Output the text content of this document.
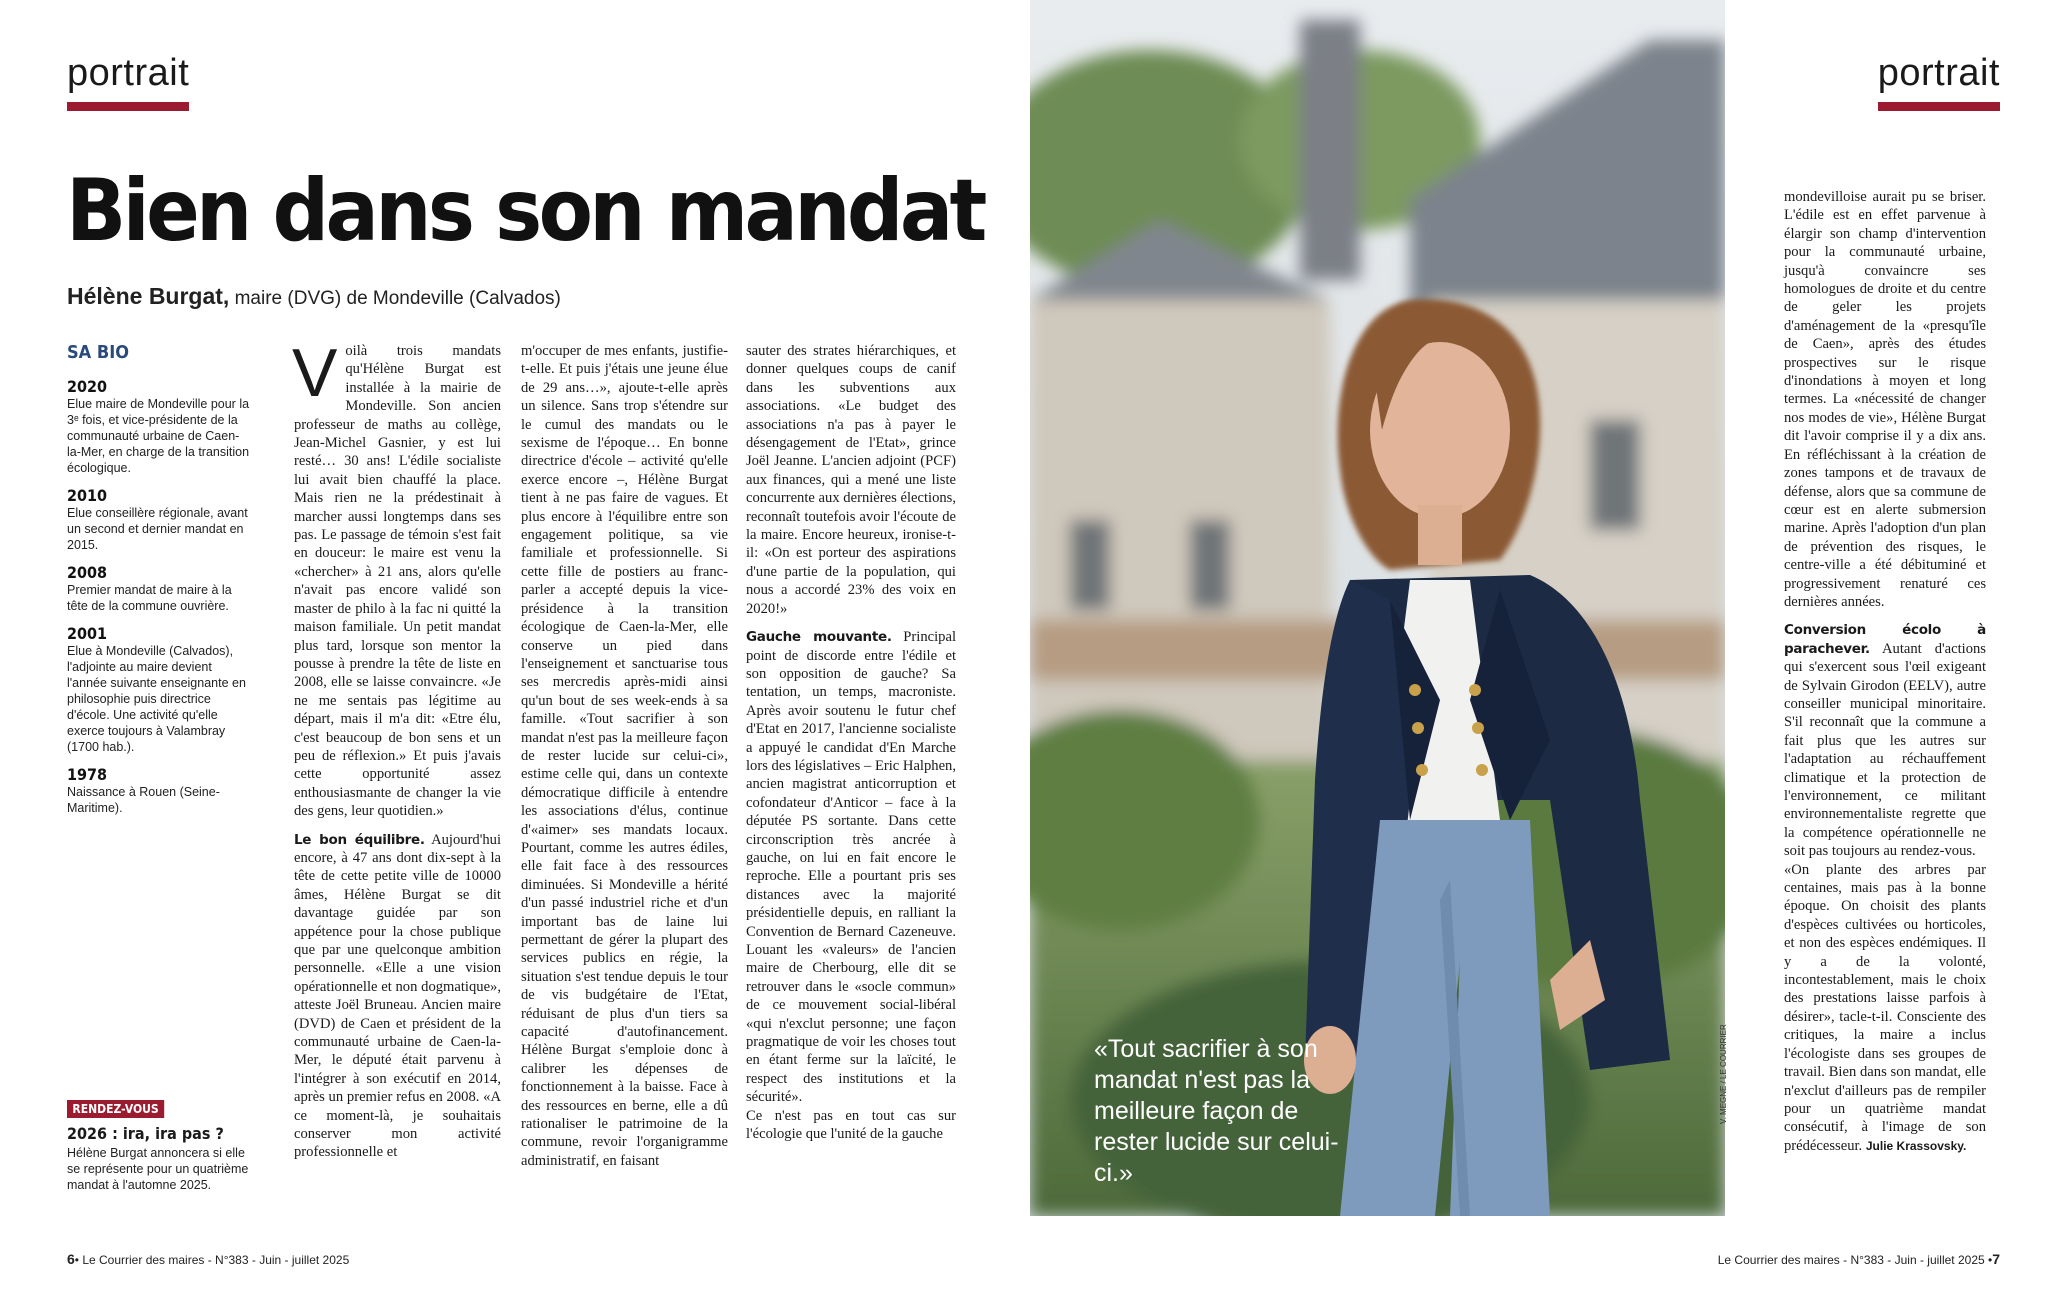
portrait
Bien dans son mandat

Hélène Burgat, maire (DVG) de Mondeville (Calvados)

SA BIO
2020
Elue maire de Mondeville pour la 3ᵉ fois, et vice-présidente de la communauté urbaine de Caen-la-Mer, en charge de la transition écologique.
2010
Elue conseillère régionale, avant un second et dernier mandat en 2015.
2008
Premier mandat de maire à la tête de la commune ouvrière.
2001
Elue à Mondeville (Calvados), l'adjointe au maire devient l'année suivante enseignante en philosophie puis directrice d'école. Une activité qu'elle exerce toujours à Valambray (1700 hab.).
1978
Naissance à Rouen (Seine-Maritime).
RENDEZ-VOUS
2026 : ira, ira pas ?
Hélène Burgat annoncera si elle se représente pour un quatrième mandat à l'automne 2025.

Voilà trois mandats qu'Hélène Burgat est installée à la mairie de Mondeville. Son ancien professeur de maths au collège, Jean-Michel Gasnier, y est lui resté… 30 ans! L'édile socialiste lui avait bien chauffé la place. Mais rien ne la prédestinait à marcher aussi longtemps dans ses pas. Le passage de témoin s'est fait en douceur: le maire est venu la «chercher» à 21 ans, alors qu'elle n'avait pas encore validé son master de philo à la fac ni quitté la maison familiale. Un petit mandat plus tard, lorsque son mentor la pousse à prendre la tête de liste en 2008, elle se laisse convaincre. «Je ne me sentais pas légitime au départ, mais il m'a dit: «Etre élu, c'est beaucoup de bon sens et un peu de réflexion.» Et puis j'avais cette opportunité assez enthousiasmante de changer la vie des gens, leur quotidien.»

Le bon équilibre. Aujourd'hui encore, à 47 ans dont dix-sept à la tête de cette petite ville de 10000 âmes, Hélène Burgat se dit davantage guidée par son appétence pour la chose publique que par une quelconque ambition personnelle. «Elle a une vision opérationnelle et non dogmatique», atteste Joël Bruneau. Ancien maire (DVD) de Caen et président de la communauté urbaine de Caen-la-Mer, le député était parvenu à l'intégrer à son exécutif en 2014, après un premier refus en 2008. «A ce moment-là, je souhaitais conserver mon activité professionnelle et

m'occuper de mes enfants, justifie-t-elle. Et puis j'étais une jeune élue de 29 ans…», ajoute-t-elle après un silence. Sans trop s'étendre sur le cumul des mandats ou le sexisme de l'époque… En bonne directrice d'école – activité qu'elle exerce encore –, Hélène Burgat tient à ne pas faire de vagues. Et plus encore à l'équilibre entre son engagement politique, sa vie familiale et professionnelle. Si cette fille de postiers au franc-parler a accepté depuis la vice-présidence à la transition écologique de Caen-la-Mer, elle conserve un pied dans l'enseignement et sanctuarise tous ses mercredis après-midi ainsi qu'un bout de ses week-ends à sa famille. «Tout sacrifier à son mandat n'est pas la meilleure façon de rester lucide sur celui-ci», estime celle qui, dans un contexte démocratique difficile à entendre les associations d'élus, continue d'«aimer» ses mandats locaux. Pourtant, comme les autres édiles, elle fait face à des ressources diminuées. Si Mondeville a hérité d'un passé industriel riche et d'un important bas de laine lui permettant de gérer la plupart des services publics en régie, la situation s'est tendue depuis le tour de vis budgétaire de l'Etat, réduisant de plus d'un tiers sa capacité d'autofinancement. Hélène Burgat s'emploie donc à calibrer les dépenses de fonctionnement à la baisse. Face à des ressources en berne, elle a dû rationaliser le patrimoine de la commune, revoir l'organigramme administratif, en faisant

sauter des strates hiérarchiques, et donner quelques coups de canif dans les subventions aux associations. «Le budget des associations n'a pas à payer le désengagement de l'Etat», grince Joël Jeanne. L'ancien adjoint (PCF) aux finances, qui a mené une liste concurrente aux dernières élections, reconnaît toutefois avoir l'écoute de la maire. Encore heureux, ironise-t-il: «On est porteur des aspirations d'une partie de la population, qui nous a accordé 23% des voix en 2020!»

Gauche mouvante. Principal point de discorde entre l'édile et son opposition de gauche? Sa tentation, un temps, macroniste. Après avoir soutenu le futur chef d'Etat en 2017, l'ancienne socialiste a appuyé le candidat d'En Marche lors des législatives – Eric Halphen, ancien magistrat anticorruption et cofondateur d'Anticor – face à la députée PS sortante. Dans cette circonscription très ancrée à gauche, on lui en fait encore le reproche. Elle a pourtant pris ses distances avec la majorité présidentielle depuis, en ralliant la Convention de Bernard Cazeneuve. Louant les «valeurs» de l'ancien maire de Cherbourg, elle dit se retrouver dans le «socle commun» de ce mouvement social-libéral «qui n'exclut personne; une façon pragmatique de voir les choses tout en étant ferme sur la laïcité, le respect des institutions et la sécurité».

Ce n'est pas en tout cas sur l'écologie que l'unité de la gauche

6• Le Courrier des maires - N°383 - Juin - juillet 2025
«Tout sacrifier à son mandat n'est pas la meilleure façon de rester lucide sur celui-ci.»
V. MEGNE / LE COURRIER
portrait

mondevilloise aurait pu se briser. L'édile est en effet parvenue à élargir son champ d'intervention pour la communauté urbaine, jusqu'à convaincre ses homologues de droite et du centre de geler les projets d'aménagement de la «presqu'île de Caen», après des études prospectives sur le risque d'inondations à moyen et long termes. La «nécessité de changer nos modes de vie», Hélène Burgat dit l'avoir comprise il y a dix ans. En réfléchissant à la création de zones tampons et de travaux de défense, alors que sa commune de cœur est en alerte submersion marine. Après l'adoption d'un plan de prévention des risques, le centre-ville a été débituminé et progressivement renaturé ces dernières années.

Conversion écolo à parachever. Autant d'actions qui s'exercent sous l'œil exigeant de Sylvain Girodon (EELV), autre conseiller municipal minoritaire. S'il reconnaît que la commune a fait plus que les autres sur l'adaptation au réchauffement climatique et la protection de l'environnement, ce militant environnementaliste regrette que la compétence opérationnelle ne soit pas toujours au rendez-vous.

«On plante des arbres par centaines, mais pas à la bonne époque. On choisit des plants d'espèces cultivées ou horticoles, et non des espèces endémiques. Il y a de la volonté, incontestablement, mais le choix des prestations laisse parfois à désirer», tacle-t-il. Consciente des critiques, la maire a inclus l'écologiste dans ses groupes de travail. Bien dans son mandat, elle n'exclut d'ailleurs pas de rempiler pour un quatrième mandat consécutif, à l'image de son prédécesseur. Julie Krassovsky.

Le Courrier des maires - N°383 - Juin - juillet 2025 •7
